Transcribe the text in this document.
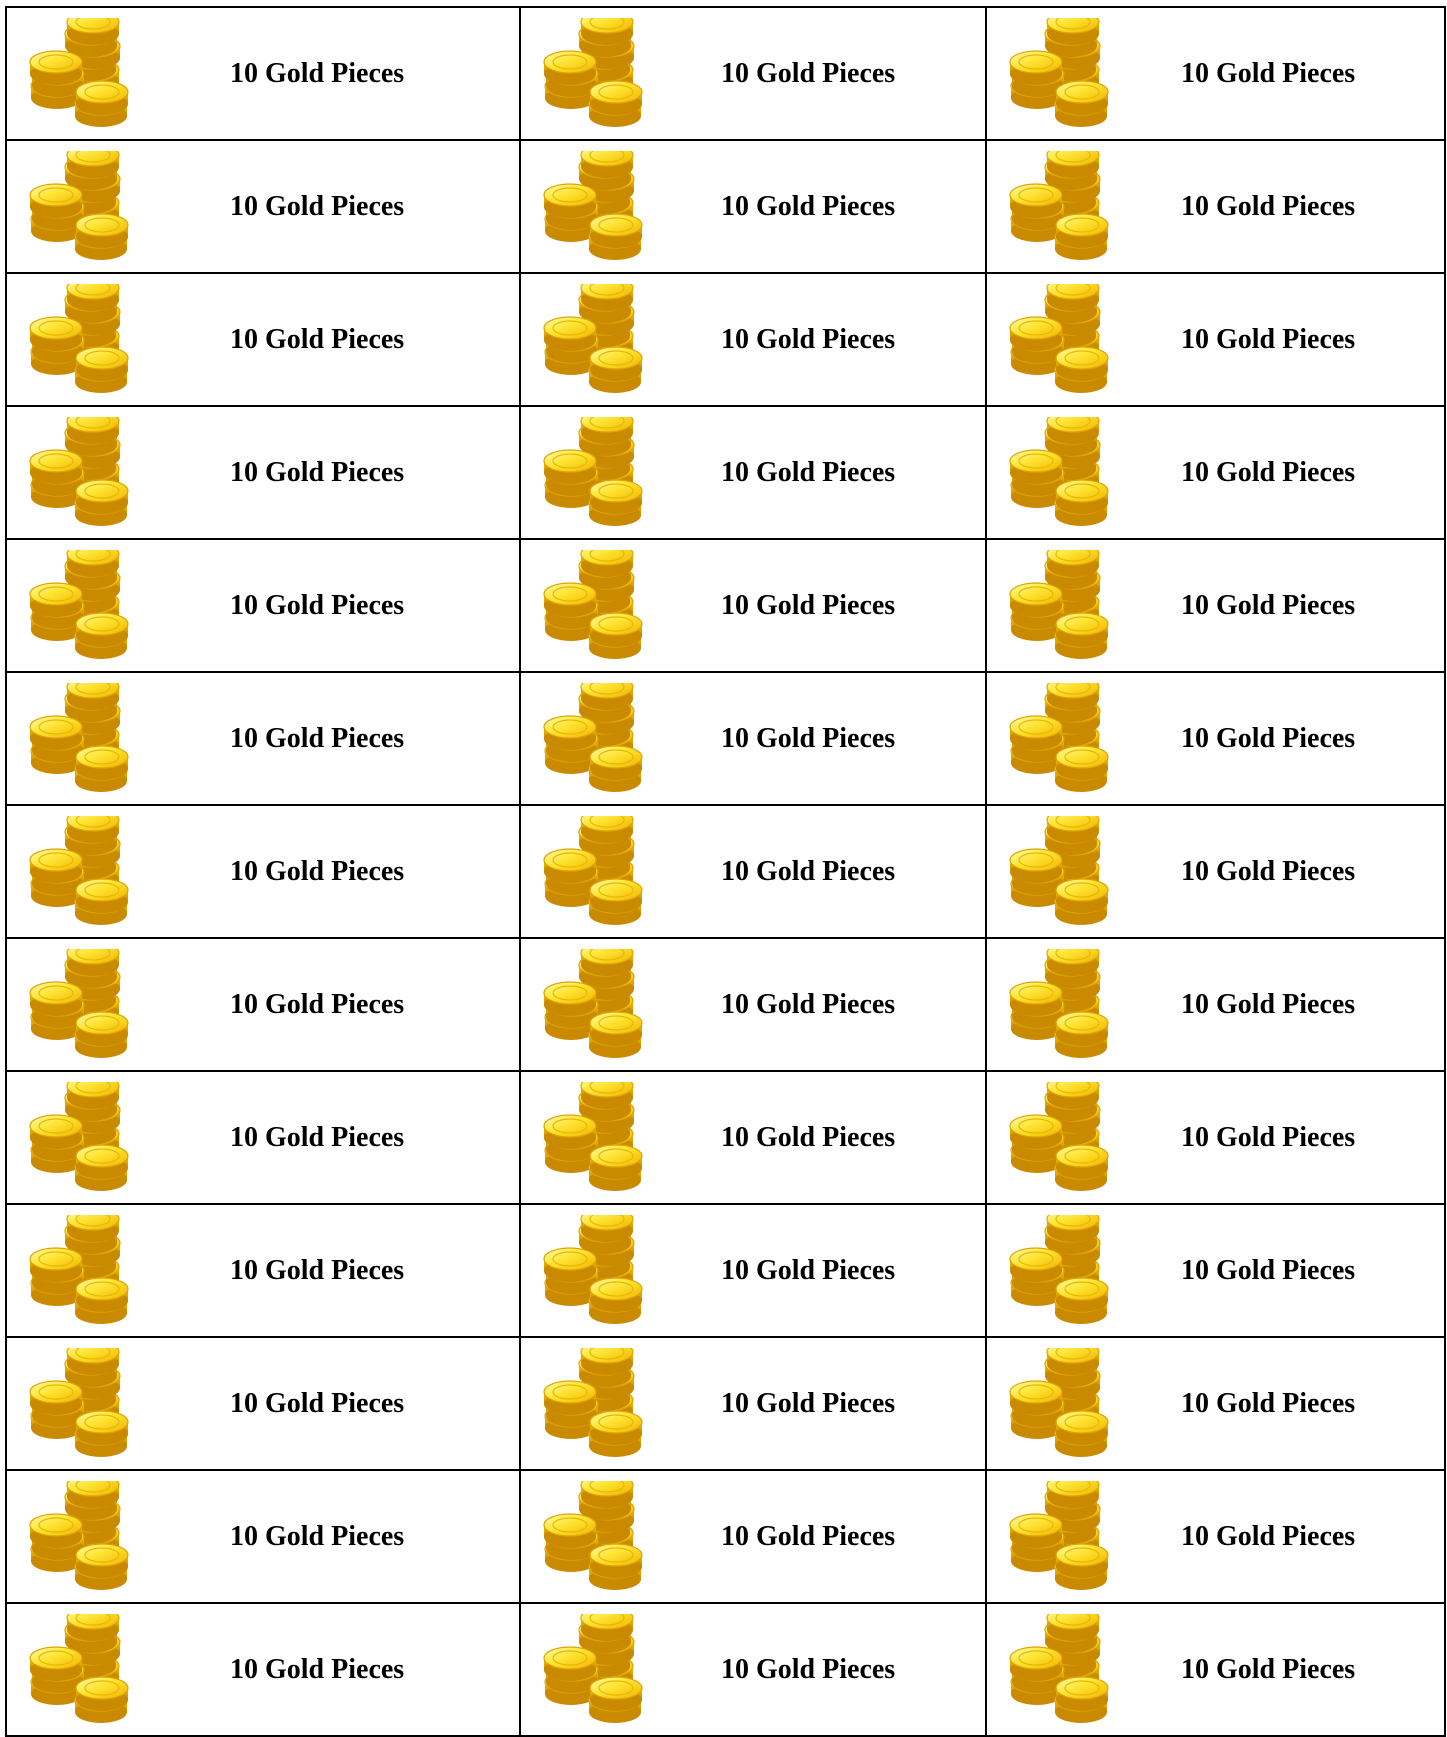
10 Gold Pieces	10 Gold Pieces	10 Gold Pieces

10 Gold Pieces	10 Gold Pieces	10 Gold Pieces

10 Gold Pieces	10 Gold Pieces	10 Gold Pieces

10 Gold Pieces	10 Gold Pieces	10 Gold Pieces

10 Gold Pieces	10 Gold Pieces	10 Gold Pieces

10 Gold Pieces	10 Gold Pieces	10 Gold Pieces

10 Gold Pieces	10 Gold Pieces	10 Gold Pieces

10 Gold Pieces	10 Gold Pieces	10 Gold Pieces

10 Gold Pieces	10 Gold Pieces	10 Gold Pieces

10 Gold Pieces	10 Gold Pieces	10 Gold Pieces

10 Gold Pieces	10 Gold Pieces	10 Gold Pieces

10 Gold Pieces	10 Gold Pieces	10 Gold Pieces

10 Gold Pieces	10 Gold Pieces	10 Gold Pieces
